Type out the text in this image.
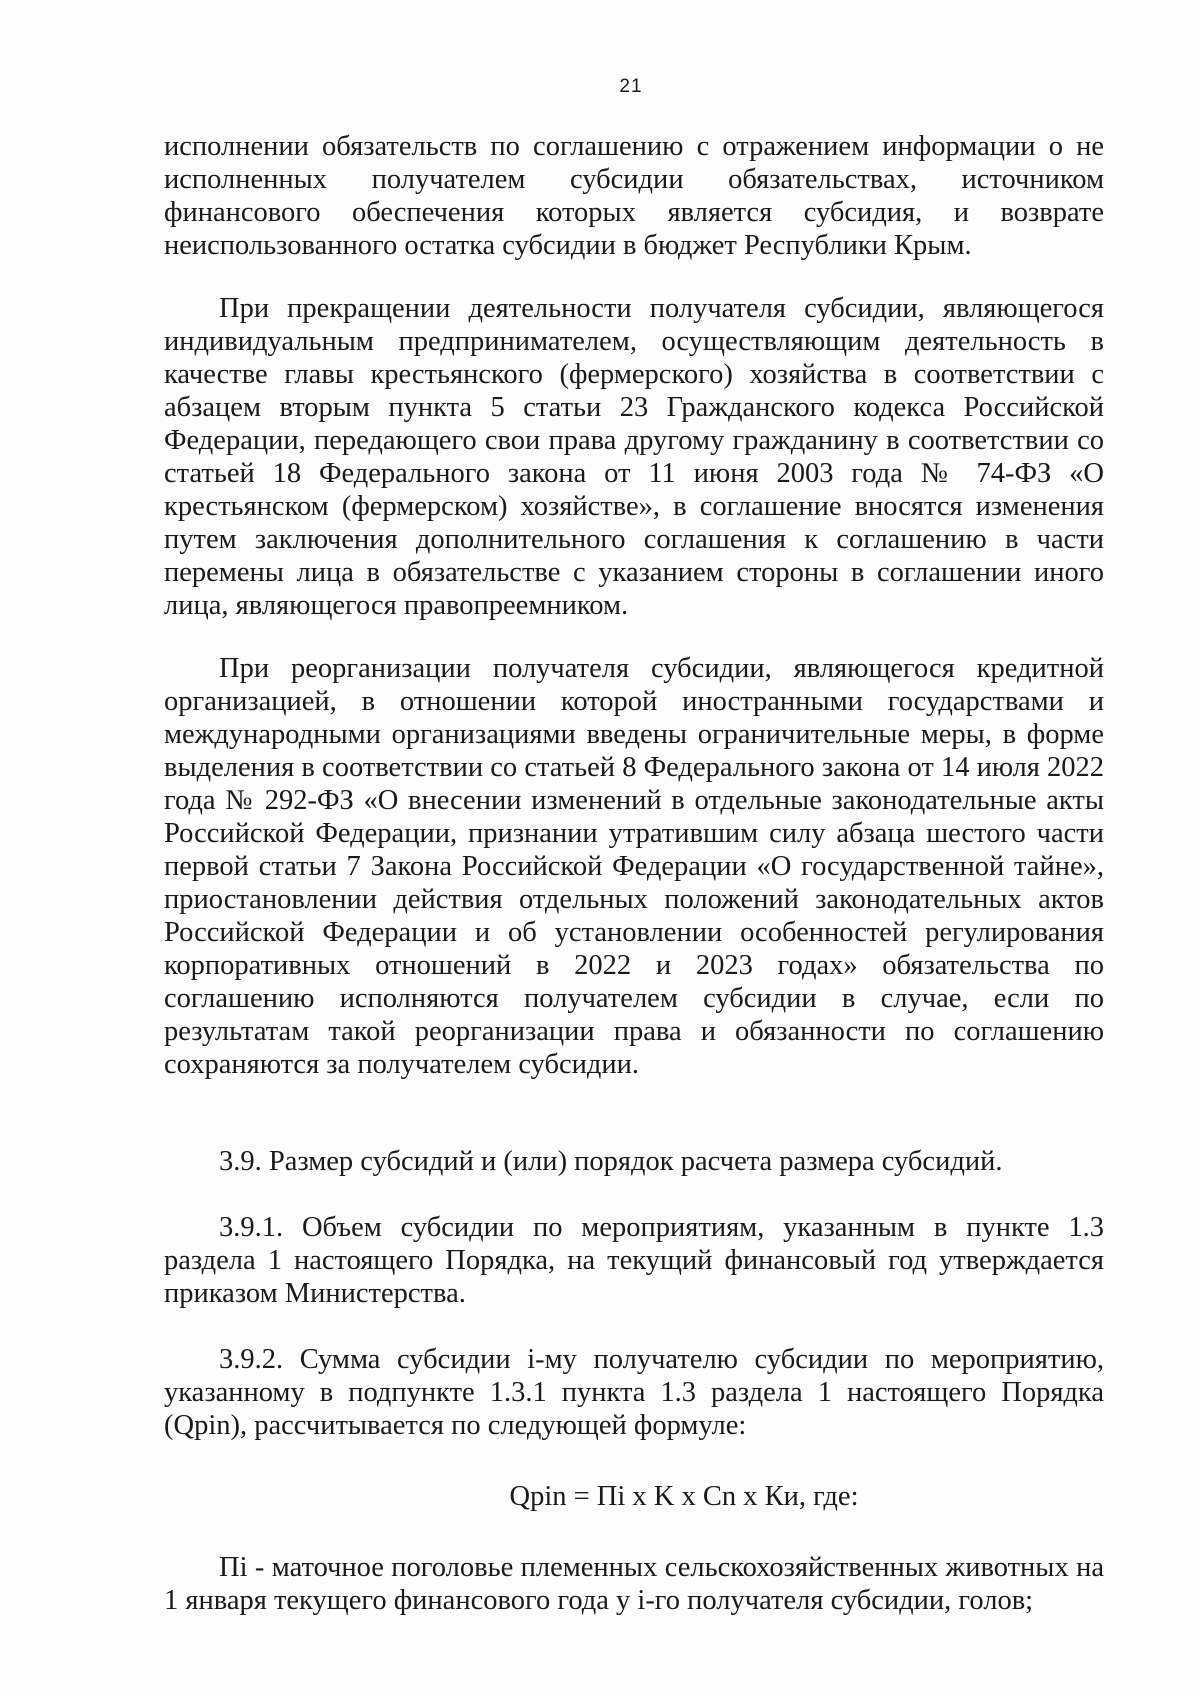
21

исполнении обязательств по соглашению с отражением информации о не исполненных получателем субсидии обязательствах, источником финансового обеспечения которых является субсидия, и возврате неиспользованного остатка субсидии в бюджет Республики Крым.

При прекращении деятельности получателя субсидии, являющегося индивидуальным предпринимателем, осуществляющим деятельность в качестве главы крестьянского (фермерского) хозяйства в соответствии с абзацем вторым пункта 5 статьи 23 Гражданского кодекса Российской Федерации, передающего свои права другому гражданину в соответствии со статьей 18 Федерального закона от 11 июня 2003 года № 74-ФЗ «О крестьянском (фермерском) хозяйстве», в соглашение вносятся изменения путем заключения дополнительного соглашения к соглашению в части перемены лица в обязательстве с указанием стороны в соглашении иного лица, являющегося правопреемником.

При реорганизации получателя субсидии, являющегося кредитной организацией, в отношении которой иностранными государствами и международными организациями введены ограничительные меры, в форме выделения в соответствии со статьей 8 Федерального закона от 14 июля 2022 года № 292-ФЗ «О внесении изменений в отдельные законодательные акты Российской Федерации, признании утратившим силу абзаца шестого части первой статьи 7 Закона Российской Федерации «О государственной тайне», приостановлении действия отдельных положений законодательных актов Российской Федерации и об установлении особенностей регулирования корпоративных отношений в 2022 и 2023 годах» обязательства по соглашению исполняются получателем субсидии в случае, если по результатам такой реорганизации права и обязанности по соглашению сохраняются за получателем субсидии.

3.9. Размер субсидий и (или) порядок расчета размера субсидий.

3.9.1. Объем субсидии по мероприятиям, указанным в пункте 1.3 раздела 1 настоящего Порядка, на текущий финансовый год утверждается приказом Министерства.

3.9.2. Сумма субсидии i-му получателю субсидии по мероприятию, указанному в подпункте 1.3.1 пункта 1.3 раздела 1 настоящего Порядка (Qpin), рассчитывается по следующей формуле:

Qpin = Пi x K x Cn x Ки, где:

Пi - маточное поголовье племенных сельскохозяйственных животных на 1 января текущего финансового года у i-го получателя субсидии, голов;
